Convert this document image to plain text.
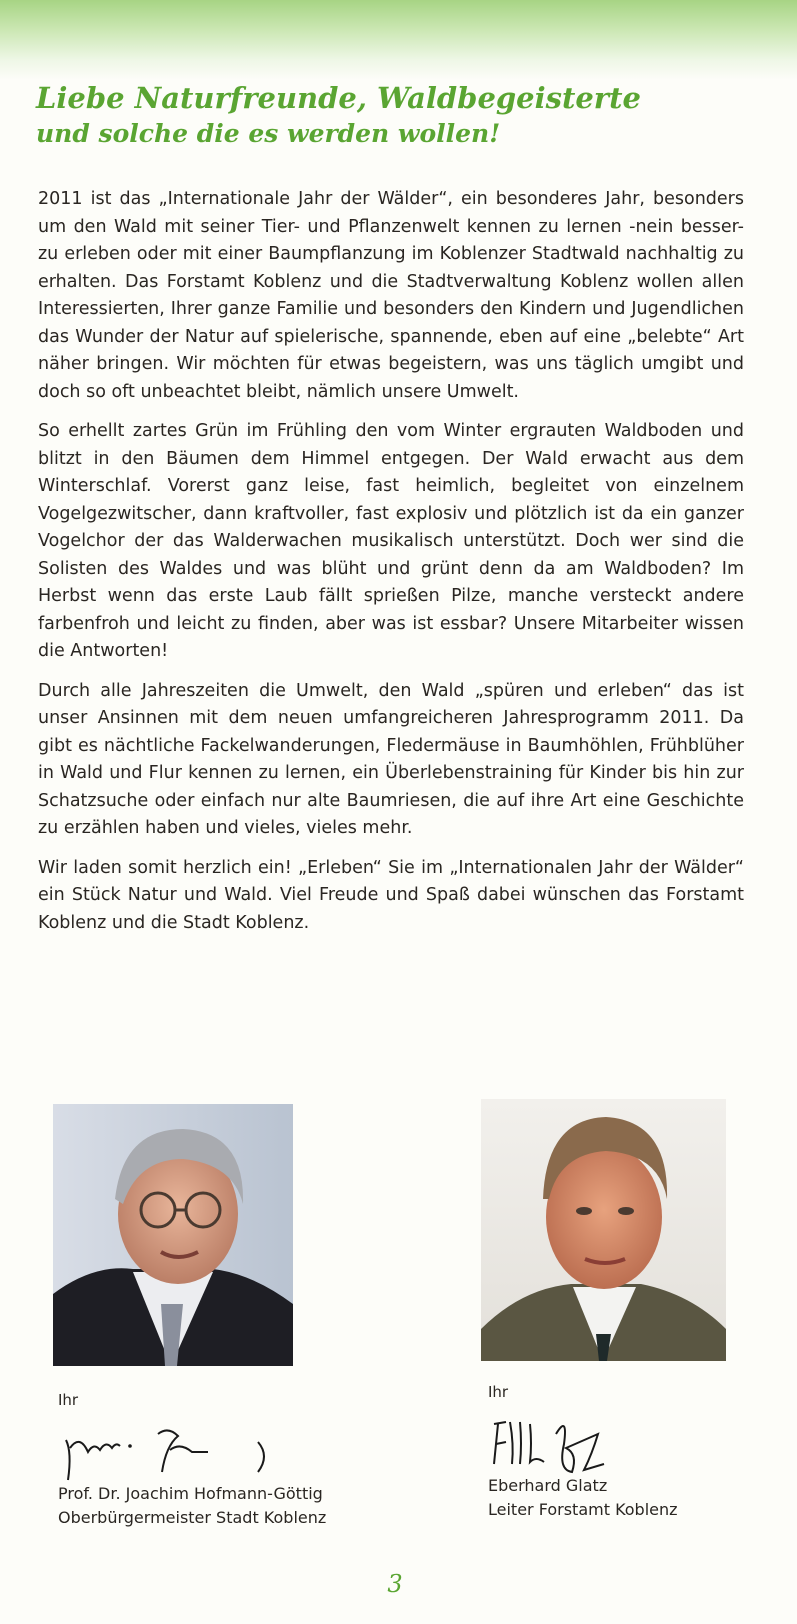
Liebe Naturfreunde, Waldbegeisterte
und solche die es werden wollen!

2011 ist das „Internationale Jahr der Wälder“, ein besonderes Jahr, besonders um den Wald mit seiner Tier- und Pflanzenwelt kennen zu lernen -nein besser- zu erleben oder mit einer Baumpflanzung im Koblenzer Stadtwald nachhaltig zu erhalten. Das Forstamt Koblenz und die Stadtverwaltung Koblenz wollen allen Interessierten, Ihrer ganze Familie und besonders den Kindern und Jugendlichen das Wunder der Natur auf spielerische, spannende, eben auf eine „belebte“ Art näher bringen. Wir möchten für etwas begeistern, was uns täglich umgibt und doch so oft unbeachtet bleibt, nämlich unsere Umwelt.

So erhellt zartes Grün im Frühling den vom Winter ergrauten Waldboden und blitzt in den Bäumen dem Himmel entgegen. Der Wald erwacht aus dem Winterschlaf. Vorerst ganz leise, fast heimlich, begleitet von einzelnem Vogelgezwitscher, dann kraftvoller, fast explosiv und plötzlich ist da ein ganzer Vogelchor der das Walderwachen musikalisch unterstützt. Doch wer sind die Solisten des Waldes und was blüht und grünt denn da am Waldboden? Im Herbst wenn das erste Laub fällt sprießen Pilze, manche versteckt andere farbenfroh und leicht zu finden, aber was ist essbar? Unsere Mitarbeiter wissen die Antworten!

Durch alle Jahreszeiten die Umwelt, den Wald „spüren und erleben“ das ist unser Ansinnen mit dem neuen umfangreicheren Jahresprogramm 2011. Da gibt es nächtliche Fackelwanderungen, Fledermäuse in Baumhöhlen, Frühblüher in Wald und Flur kennen zu lernen, ein Überlebenstraining für Kinder bis hin zur Schatzsuche oder einfach nur alte Baumriesen, die auf ihre Art eine Geschichte zu erzählen haben und vieles, vieles mehr.

Wir laden somit herzlich ein! „Erleben“ Sie im „Internationalen Jahr der Wälder“ ein Stück Natur und Wald. Viel Freude und Spaß dabei wünschen das Forstamt Koblenz und die Stadt Koblenz.

Ihr
Prof. Dr. Joachim Hofmann-Göttig
Oberbürgermeister Stadt Koblenz
Ihr
Eberhard Glatz
Leiter Forstamt Koblenz
3
